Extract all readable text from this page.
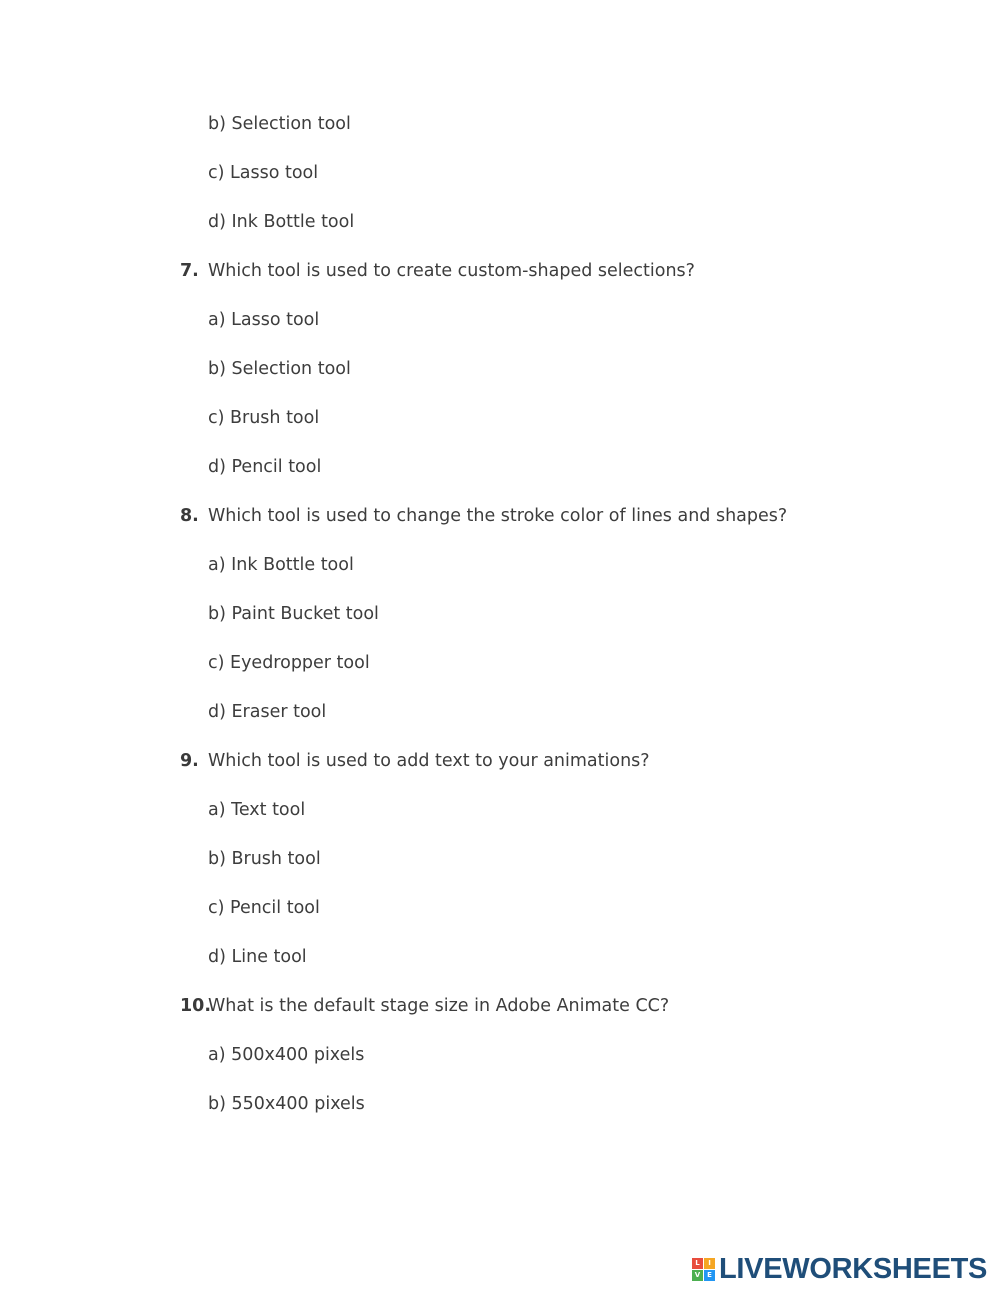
b) Selection tool
c) Lasso tool
d) Ink Bottle tool
7. Which tool is used to create custom-shaped selections?
a) Lasso tool
b) Selection tool
c) Brush tool
d) Pencil tool
8. Which tool is used to change the stroke color of lines and shapes?
a) Ink Bottle tool
b) Paint Bucket tool
c) Eyedropper tool
d) Eraser tool
9. Which tool is used to add text to your animations?
a) Text tool
b) Brush tool
c) Pencil tool
d) Line tool
10.
What is the default stage size in Adobe Animate CC?
a) 500x400 pixels
b) 550x400 pixels
L	I
V E LIVEWORKSHEETS
